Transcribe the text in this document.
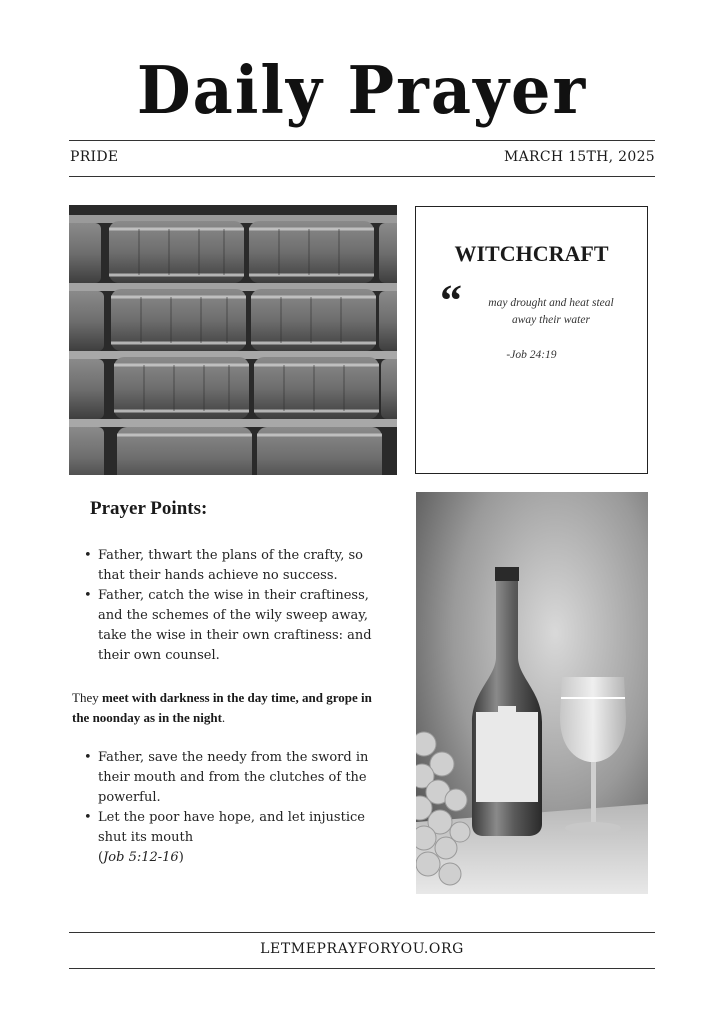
Daily Prayer
PRIDE	MARCH 15TH, 2025
WITCHCRAFT
“	may drought and heat steal away their water
-Job 24:19
Prayer Points:
• Father, thwart the plans of the crafty, so that their hands achieve no success.
• Father, catch the wise in their craftiness, and the schemes of the wily sweep away, take the wise in their own craftiness: and their own counsel.
They meet with darkness in the day time, and grope in the noonday as in the night.
• Father, save the needy from the sword in their mouth and from the clutches of the powerful.
• Let the poor have hope, and let injustice shut its mouth
(Job 5:12-16)
LETMEPRAYFORYOU.ORG
